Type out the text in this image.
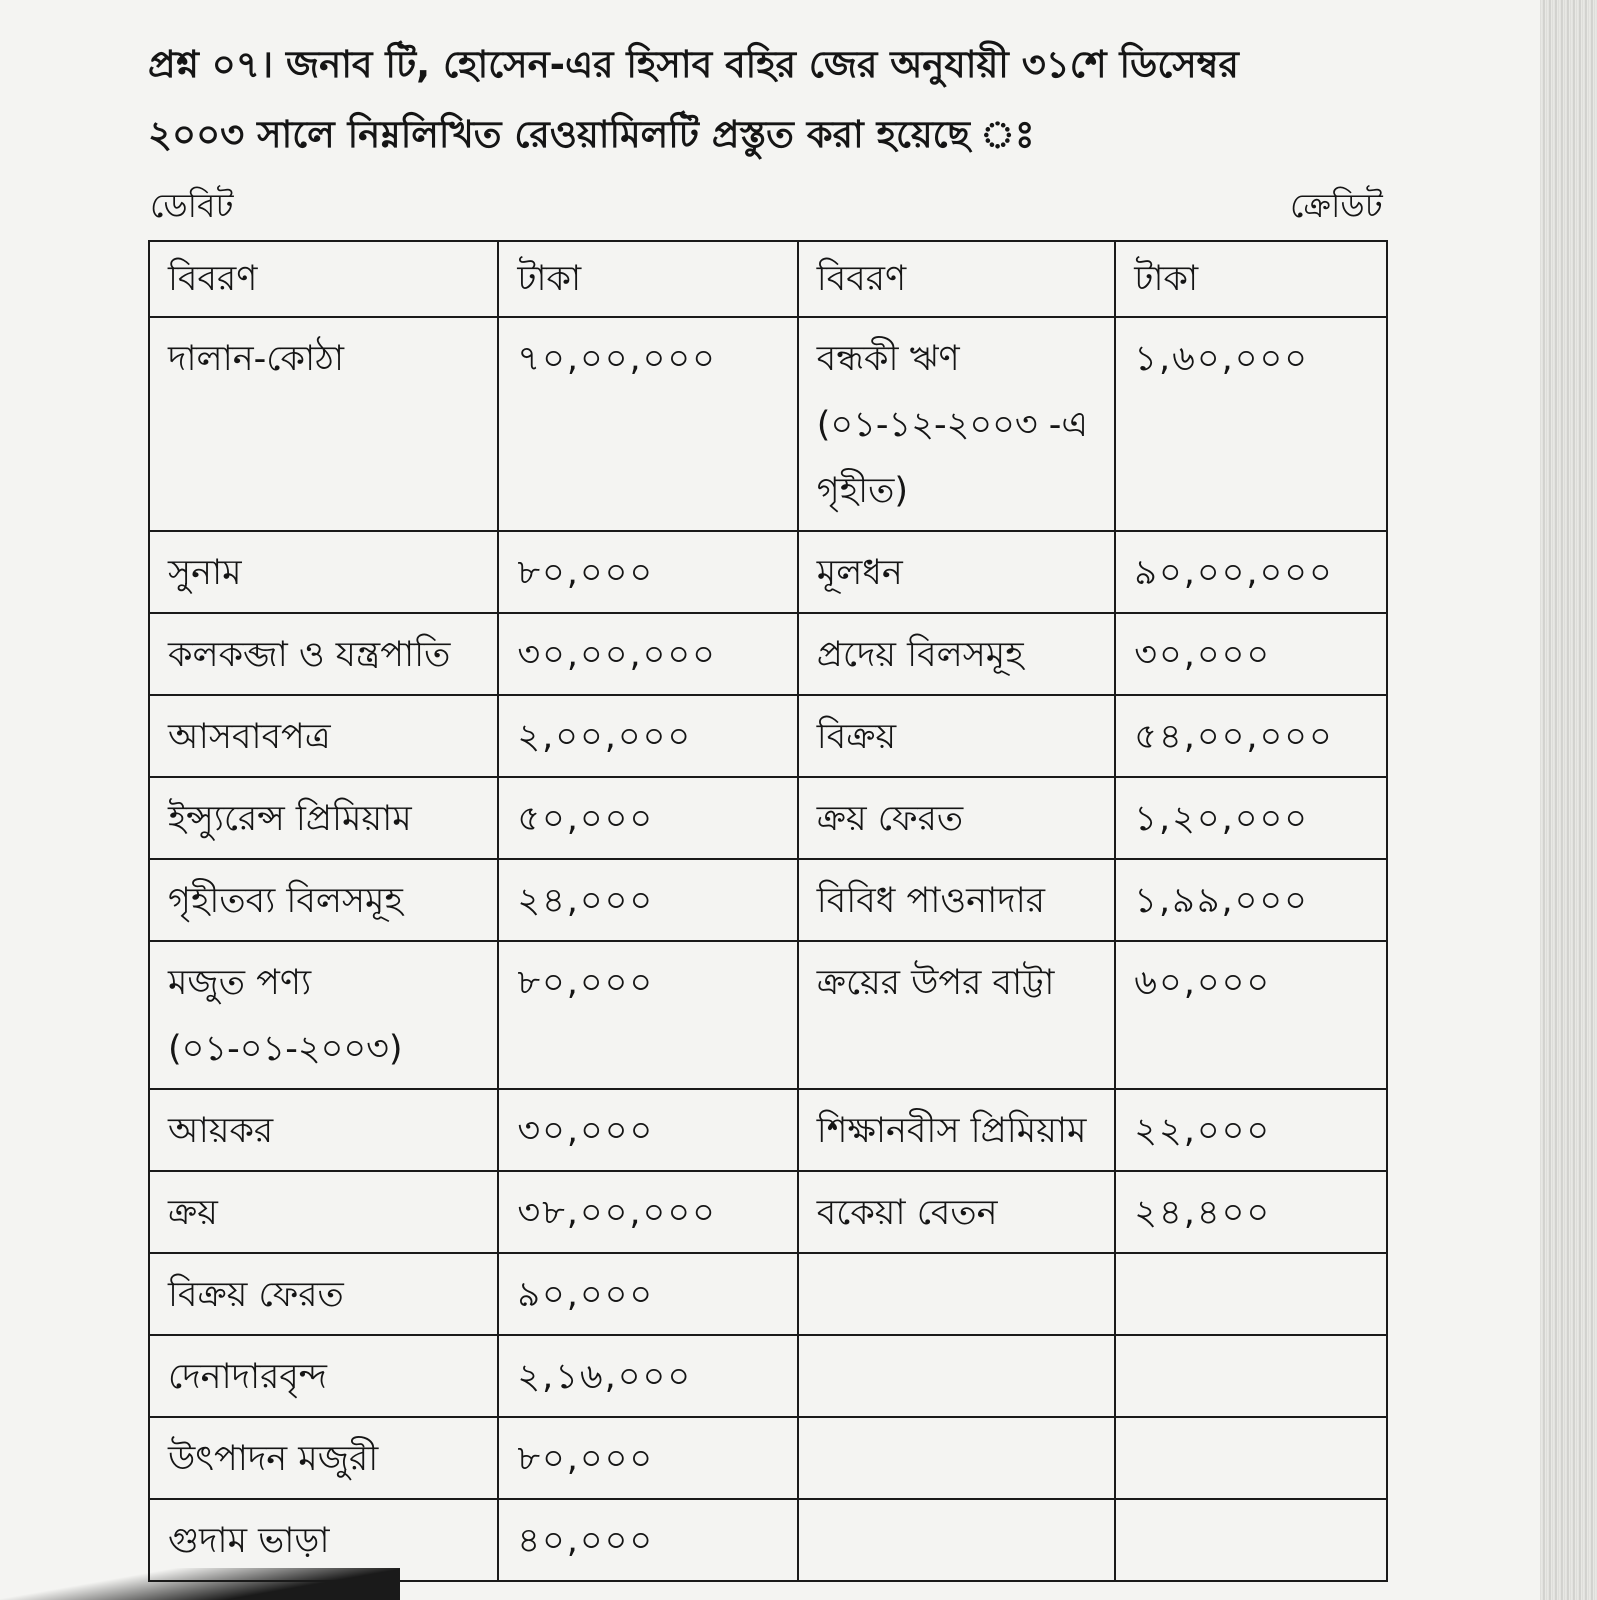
প্রশ্ন ০৭। জনাব টি, হোসেন-এর হিসাব বহির জের অনুযায়ী ৩১শে ডিসেম্বর
২০০৩ সালে নিম্নলিখিত রেওয়ামিলটি প্রস্তুত করা হয়েছে ঃ
ডেবিট	ক্রেডিট
বিবরণ	টাকা	বিবরণ	টাকা
দালান-কোঠা	৭০,০০,০০০	বন্ধকী ঋণ (০১-১২-২০০৩ -এ গৃহীত)	১,৬০,০০০
সুনাম	৮০,০০০	মূলধন	৯০,০০,০০০
কলকব্জা ও যন্ত্রপাতি	৩০,০০,০০০	প্রদেয় বিলসমূহ	৩০,০০০
আসবাবপত্র	২,০০,০০০	বিক্রয়	৫৪,০০,০০০
ইন্স্যুরেন্স প্রিমিয়াম	৫০,০০০	ক্রয় ফেরত	১,২০,০০০
গৃহীতব্য বিলসমূহ	২৪,০০০	বিবিধ পাওনাদার	১,৯৯,০০০
মজুত পণ্য (০১-০১-২০০৩)	৮০,০০০	ক্রয়ের উপর বাট্টা	৬০,০০০
আয়কর	৩০,০০০	শিক্ষানবীস প্রিমিয়াম	২২,০০০
ক্রয়	৩৮,০০,০০০	বকেয়া বেতন	২৪,৪০০
বিক্রয় ফেরত	৯০,০০০		
দেনাদারবৃন্দ	২,১৬,০০০		
উৎপাদন মজুরী	৮০,০০০		
গুদাম ভাড়া	৪০,০০০		
